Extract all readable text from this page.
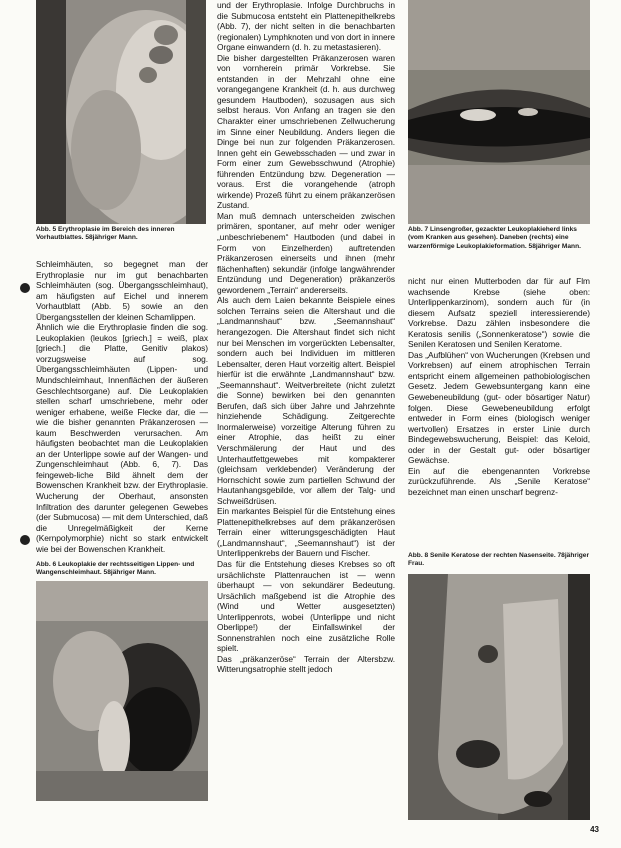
Abb. 5 Erythroplasie im Bereich des inneren Vorhautblattes. 58jähriger Mann.
Schleimhäuten, so begegnet man der Erythroplasie nur im gut benachbarten Schleimhäuten (sog. Übergangsschleimhaut), am häufigsten auf Eichel und innerem Vorhautblatt (Abb. 5) sowie an den Übergangsstellen der kleinen Schamlippen.
Ähnlich wie die Erythroplasie finden die sog. Leukoplakien (leukos [griech.] = weiß, plax [griech.] die Platte, Genitiv plakos) vorzugsweise auf sog. Übergangsschleimhäuten (Lippen- und Mundschleimhaut, Innenflächen der äußeren Geschlechtsorgane) auf. Die Leukoplakien stellen scharf umschriebene, mehr oder weniger erhabene, weiße Flecke dar, die — wie die bisher genannten Präkanzerosen — kaum Beschwerden verursachen. Am häufigsten beobachtet man die Leukoplakien an der Unterlippe sowie auf der Wangen- und Zungenschleimhaut (Abb. 6, 7). Das feingeweb-liche Bild ähnelt dem der Bowenschen Krankheit bzw. der Erythroplasie. Wucherung der Oberhaut, ansonsten Infiltration des darunter gelegenen Gewebes (der Submucosa) — mit dem Unterschied, daß die Unregelmäßigkeit der Kerne (Kernpolymorphie) nicht so stark entwickelt wie bei der Bowenschen Krankheit.
Abb. 6 Leukoplakie der rechtsseitigen Lippen- und Wangenschleimhaut. 58jähriger Mann.
und der Erythroplasie. Infolge Durchbruchs in die Submucosa entsteht ein Plattenepithelkrebs (Abb. 7), der nicht selten in die benachbarten (regionalen) Lymphknoten und von dort in innere Organe einwandern (d. h. zu metastasieren).
Die bisher dargestellten Präkanzerosen waren von vornherein primär Vorkrebse. Sie entstanden in der Mehrzahl ohne eine vorangegangene Krankheit (d. h. aus durchweg gesundem Hautboden), sozusagen aus sich selbst heraus. Von Anfang an tragen sie den Charakter einer umschriebenen Zellwucherung im Sinne einer Neubildung. Anders liegen die Dinge bei nun zur folgenden Präkanzerosen. Innen geht ein Gewebsschaden — und zwar in Form einer zum Gewebsschwund (Atrophie) führenden Entzündung bzw. Degeneration — voraus. Erst die vorangehende (atroph wirkende) Prozeß führt zu einem präkanzerösen Zustand.
Man muß demnach unterscheiden zwischen primären, spontaner, auf mehr oder weniger „unbeschriebenem“ Hautboden (und dabei in Form von Einzelherden) auftretenden Präkanzerosen einerseits und ihnen (mehr flächenhaften) sekundär (infolge langwährender Entzündung und Degeneration) präkanzerös gewordenem „Terrain“ andererseits.
Als auch dem Laien bekannte Beispiele eines solchen Terrains seien die Altershaut und die „Landmannshaut“ bzw. „Seemannshaut“ herangezogen. Die Altershaut findet sich nicht nur bei Menschen im vorgerückten Lebensalter, sondern auch bei Individuen im mittleren Lebensalter, deren Haut vorzeitig altert. Beispiel hierfür ist die erwähnte „Landmannshaut“ bzw. „Seemannshaut“. Weitverbreitete (nicht zuletzt die Sonne) bewirken bei den genannten Berufen, daß sich über Jahre und Jahrzehnte hinziehende Schädigung. Zeitgerechte Inormalerweise) vorzeitige Alterung führen zu einer Atrophie, das heißt zu einer Verschmälerung der Haut und des Unterhautfettgewebes mit kompakterer (gleichsam verklebender) Veränderung der Hornschicht sowie zum partiellen Schwund der Hautanhangsgebilde, vor allem der Talg- und Schweißdrüsen.
Ein markantes Beispiel für die Entstehung eines Plattenepithelkrebses auf dem präkanzerösen Terrain einer witterungsgeschädigten Haut („Landmannshaut“, „Seemannshaut“) ist der Unterlippenkrebs der Bauern und Fischer.
Das für die Entstehung dieses Krebses so oft ursächlichste Plattenrauchen ist — wenn überhaupt — von sekundärer Bedeutung. Ursächlich maßgebend ist die Atrophie des (Wind und Wetter ausgesetzten) Unterlippenrots, wobei (Unterlippe und nicht Oberlippe!) der Einfallswinkel der Sonnenstrahlen noch eine zusätzliche Rolle spielt.
Das „präkanzeröse“ Terrain der Altersbzw. Witterungsatrophie stellt jedoch
Abb. 7 Linsengroßer, gezackter Leukoplakieherd links (vom Kranken aus gesehen). Daneben (rechts) eine warzenförmige Leukoplakieformation. 58jähriger Mann.
nicht nur einen Mutterboden dar für auf Flm wachsende Krebse (siehe oben: Unterlippenkarzinom), sondern auch für (in diesem Aufsatz speziell interessierende) Vorkrebse. Dazu zählen insbesondere die Keratosis senilis („Sonnenkeratose“) sowie die Senilen Keratosen und Senilen Keratome.
Das „Aufblühen“ von Wucherungen (Krebsen und Vorkrebsen) auf einem atrophischen Terrain entspricht einem allgemeinen pathobiologischen Gesetz. Jedem Gewebsuntergang kann eine Gewebeneubildung (gut- oder bösartiger Natur) folgen. Diese Gewebeneubildung erfolgt entweder in Form eines (biologisch weniger wertvollen) Ersatzes in erster Linie durch Bindegewebswucherung, Beispiel: das Keloid, oder in der Gestalt gut- oder bösartiger Gewächse.
Ein auf die ebengenannten Vorkrebse zurückzuführende. Als „Senile Keratose“ bezeichnet man einen unscharf begrenz-
Abb. 8 Senile Keratose der rechten Nasenseite. 78jähriger Frau.
43
